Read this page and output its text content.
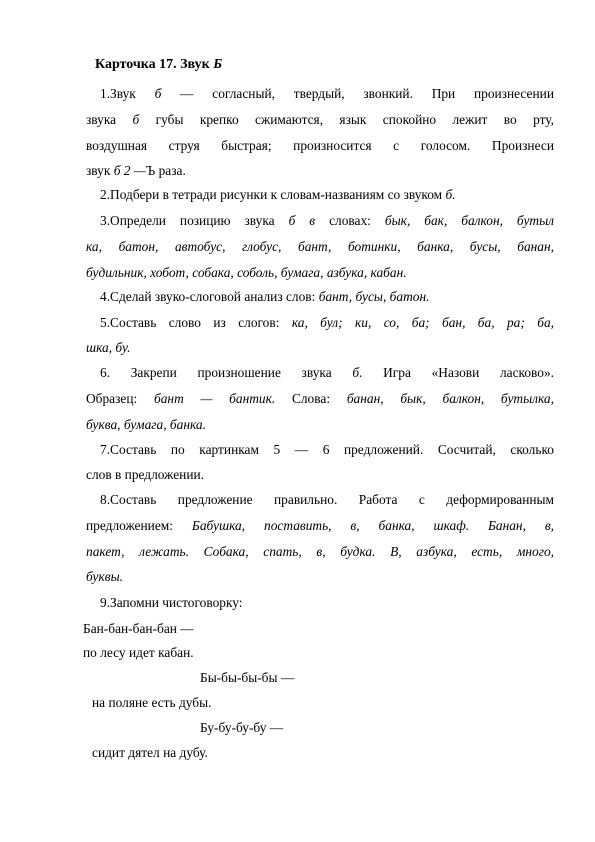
Карточка 17. Звук Б
1.Звук б — согласный, твердый, звонкий. При произнесении
звука б губы крепко сжимаются, язык спокойно лежит во рту,
воздушная струя быстрая; произносится с голосом. Произнеси
звук б 2 —Ъ раза.
2.Подбери в тетради рисунки к словам-названиям со звуком б.
3.Определи позицию звука б в словах: бык, бак, балкон, бутыл
ка, батон, автобус, глобус, бант, ботинки, банка, бусы, банан,
будильник, хобот, собака, соболь, бумага, азбука, кабан.
4.Сделай звуко-слоговой анализ слов: бант, бусы, батон.
5.Составь слово из слогов: ка, бул; ки, со, ба; бан, ба, ра; ба,
шка, бу.
6. Закрепи произношение звука б. Игра «Назови ласково».
Образец: бант — бантик. Слова: банан, бык, балкон, бутылка,
буква, бумага, банка.
7.Составь по картинкам 5 — 6 предложений. Сосчитай, сколько
слов в предложении.
8.Составь предложение правильно. Работа с деформированным
предложением: Бабушка, поставить, в, банка, шкаф. Банан, в,
пакет, лежать. Собака, спать, в, будка. В, азбука, есть, много,
буквы.
9.Запомни чистоговорку:
Бан-бан-бан-бан —
по лесу идет кабан.
Бы-бы-бы-бы —
на поляне есть дубы.
Бу-бу-бу-бу —
сидит дятел на дубу.
